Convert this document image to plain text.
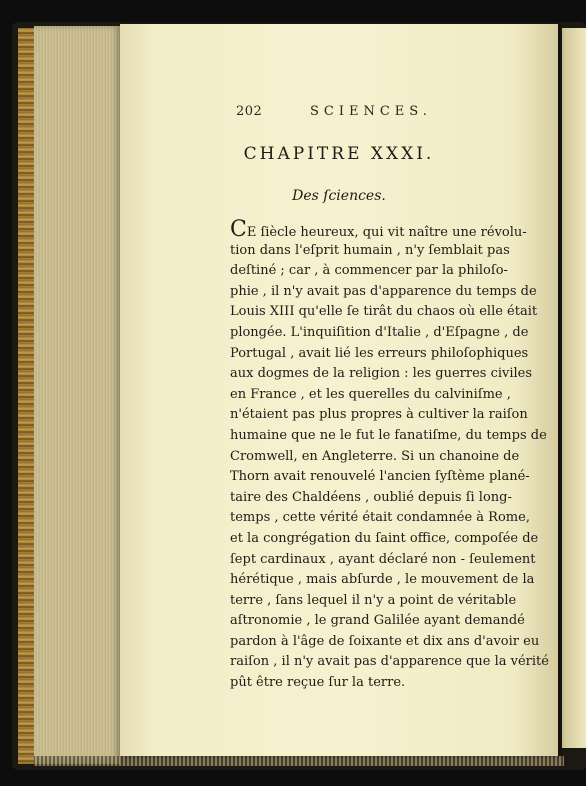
202	SCIENCES.
CHAPITRE XXXI.
Des ſciences.
CE ſiècle heureux, qui vit naître une révolu-
tion dans l'eſprit humain , n'y ſemblait pas
deſtiné ; car , à commencer par la philoſo-
phie , il n'y avait pas d'apparence du temps de
Louis XIII qu'elle ſe tirât du chaos où elle était
plongée. L'inquiſition d'Italie , d'Eſpagne , de
Portugal , avait lié les erreurs philoſophiques
aux dogmes de la religion : les guerres civiles
en France , et les querelles du calviniſme ,
n'étaient pas plus propres à cultiver la raiſon
humaine que ne le fut le fanatiſme, du temps de
Cromwell, en Angleterre. Si un chanoine de
Thorn avait renouvelé l'ancien ſyſtème plané-
taire des Chaldéens , oublié depuis ſi long-
temps , cette vérité était condamnée à Rome,
et la congrégation du ſaint office, compoſée de
ſept cardinaux , ayant déclaré non - ſeulement
hérétique , mais abſurde , le mouvement de la
terre , ſans lequel il n'y a point de véritable
aſtronomie , le grand Galilée ayant demandé
pardon à l'âge de ſoixante et dix ans d'avoir eu
raiſon , il n'y avait pas d'apparence que la vérité
pût être reçue ſur la terre.
